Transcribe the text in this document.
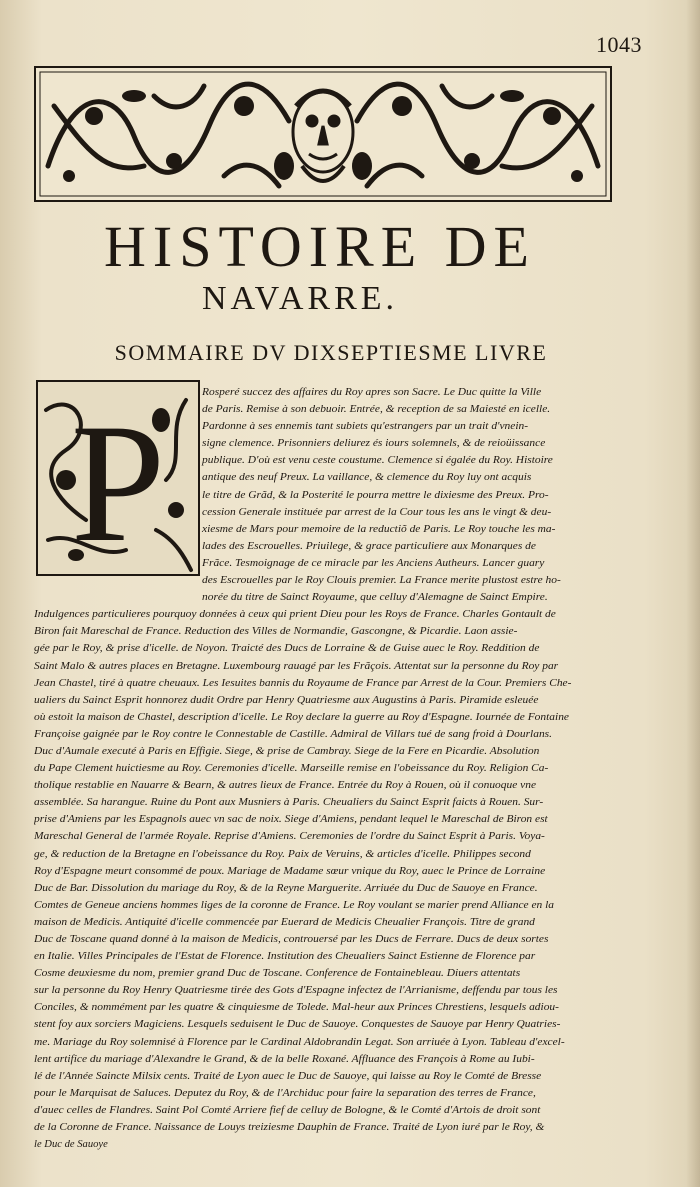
1043
HISTOIRE DE
NAVARRE.
SOMMAIRE DV DIXSEPTIESME LIVRE
P	Rosperé succez des affaires du Roy apres son Sacre. Le Duc quitte la Ville
de Paris. Remise à son debuoir. Entrée, & reception de sa Maiesté en icelle.
Pardonne à ses ennemis tant subiets qu'estrangers par un trait d'vnein-
signe clemence. Prisonniers deliurez és iours solemnels, & de reioüissance
publique. D'où est venu ceste coustume. Clemence si égalée du Roy. Histoire
antique des neuf Preux. La vaillance, & clemence du Roy luy ont acquis
le titre de Grãd, & la Posterité le pourra mettre le dixiesme des Preux. Pro-
cession Generale instituée par arrest de la Cour tous les ans le vingt & deu-
xiesme de Mars pour memoire de la reductiõ de Paris. Le Roy touche les ma-
lades des Escrouelles. Priuilege, & grace particuliere aux Monarques de
Frãce. Tesmoignage de ce miracle par les Anciens Autheurs. Lancer guary
des Escrouelles par le Roy Clouis premier. La France merite plustost estre ho-
norée du titre de Sainct Royaume, que celluy d'Alemagne de Sainct Empire.
Indulgences particulieres pourquoy données à ceux qui prient Dieu pour les Roys de France. Charles Gontault de
Biron fait Mareschal de France. Reduction des Villes de Normandie, Gascongne, & Picardie. Laon assie-
gée par le Roy, & prise d'icelle. de Noyon. Traicté des Ducs de Lorraine & de Guise auec le Roy. Reddition de
Saint Malo & autres places en Bretagne. Luxembourg rauagé par les Frãçois. Attentat sur la personne du Roy par
Jean Chastel, tiré à quatre cheuaux. Les Iesuites bannis du Royaume de France par Arrest de la Cour. Premiers Che-
ualiers du Sainct Esprit honnorez dudit Ordre par Henry Quatriesme aux Augustins à Paris. Piramide esleuée
où estoit la maison de Chastel, description d'icelle. Le Roy declare la guerre au Roy d'Espagne. Iournée de Fontaine
Françoise gaignée par le Roy contre le Connestable de Castille. Admiral de Villars tué de sang froid à Dourlans.
Duc d'Aumale executé à Paris en Effigie. Siege, & prise de Cambray. Siege de la Fere en Picardie. Absolution
du Pape Clement huictiesme au Roy. Ceremonies d'icelle. Marseille remise en l'obeissance du Roy. Religion Ca-
tholique restablie en Nauarre & Bearn, & autres lieux de France. Entrée du Roy à Rouen, où il conuoque vne
assemblée. Sa harangue. Ruine du Pont aux Musniers à Paris. Cheualiers du Sainct Esprit faicts à Rouen. Sur-
prise d'Amiens par les Espagnols auec vn sac de noix. Siege d'Amiens, pendant lequel le Mareschal de Biron est
Mareschal General de l'armée Royale. Reprise d'Amiens. Ceremonies de l'ordre du Sainct Esprit à Paris. Voya-
ge, & reduction de la Bretagne en l'obeissance du Roy. Paix de Veruins, & articles d'icelle. Philippes second
Roy d'Espagne meurt consommé de poux. Mariage de Madame sœur vnique du Roy, auec le Prince de Lorraine
Duc de Bar. Dissolution du mariage du Roy, & de la Reyne Marguerite. Arriuée du Duc de Sauoye en France.
Comtes de Geneue anciens hommes liges de la coronne de France. Le Roy voulant se marier prend Alliance en la
maison de Medicis. Antiquité d'icelle commencée par Euerard de Medicis Cheualier François. Titre de grand
Duc de Toscane quand donné à la maison de Medicis, controuersé par les Ducs de Ferrare. Ducs de deux sortes
en Italie. Villes Principales de l'Estat de Florence. Institution des Cheualiers Sainct Estienne de Florence par
Cosme deuxiesme du nom, premier grand Duc de Toscane. Conference de Fontainebleau. Diuers attentats
sur la personne du Roy Henry Quatriesme tirée des Gots d'Espagne infectez de l'Arrianisme, deffendu par tous les
Conciles, & nommément par les quatre & cinquiesme de Tolede. Mal-heur aux Princes Chrestiens, lesquels adiou-
stent foy aux sorciers Magiciens. Lesquels seduisent le Duc de Sauoye. Conquestes de Sauoye par Henry Quatries-
me. Mariage du Roy solemnisé à Florence par le Cardinal Aldobrandin Legat. Son arriuée à Lyon. Tableau d'excel-
lent artifice du mariage d'Alexandre le Grand, & de la belle Roxané. Affluance des François à Rome au Iubi-
lé de l'Année Saincte Milsix cents. Traité de Lyon auec le Duc de Sauoye, qui laisse au Roy le Comté de Bresse
pour le Marquisat de Saluces. Deputez du Roy, & de l'Archiduc pour faire la separation des terres de France,
d'auec celles de Flandres. Saint Pol Comté Arriere fief de celluy de Bologne, & le Comté d'Artois de droit sont
de la Coronne de France. Naissance de Louys treiziesme Dauphin de France. Traité de Lyon iuré par le Roy, &
le Duc de Sauoye
